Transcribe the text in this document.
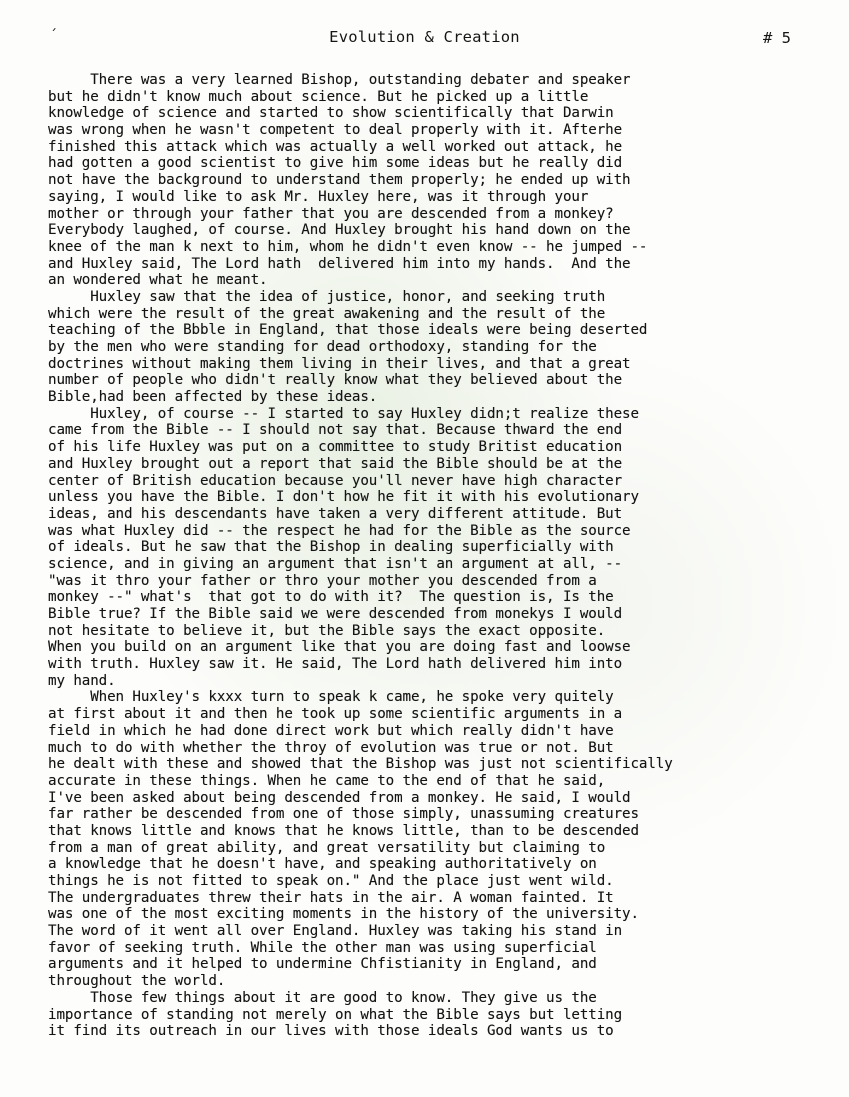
´	Evolution & Creation	# 5
There was a very learned Bishop, outstanding debater and speaker
but he didn't know much about science. But he picked up a little
knowledge of science and started to show scientifically that Darwin
was wrong when he wasn't competent to deal properly with it. Afterhe
finished this attack which was actually a well worked out attack, he
had gotten a good scientist to give him some ideas but he really did
not have the background to understand them properly; he ended up with
saying, I would like to ask Mr. Huxley here, was it through your
mother or through your father that you are descended from a monkey?
Everybody laughed, of course. And Huxley brought his hand down on the
knee of the man k next to him, whom he didn't even know -- he jumped --
and Huxley said, The Lord hath  delivered him into my hands.  And the
an wondered what he meant.
Huxley saw that the idea of justice, honor, and seeking truth
which were the result of the great awakening and the result of the
teaching of the Bbble in England, that those ideals were being deserted
by the men who were standing for dead orthodoxy, standing for the
doctrines without making them living in their lives, and that a great
number of people who didn't really know what they believed about the
Bible,had been affected by these ideas.
Huxley, of course -- I started to say Huxley didn;t realize these
came from the Bible -- I should not say that. Because thward the end
of his life Huxley was put on a committee to study Britist education
and Huxley brought out a report that said the Bible should be at the
center of British education because you'll never have high character
unless you have the Bible. I don't how he fit it with his evolutionary
ideas, and his descendants have taken a very different attitude. But
was what Huxley did -- the respect he had for the Bible as the source
of ideals. But he saw that the Bishop in dealing superficially with
science, and in giving an argument that isn't an argument at all, --
"was it thro your father or thro your mother you descended from a
monkey --" what's  that got to do with it?  The question is, Is the
Bible true? If the Bible said we were descended from monekys I would
not hesitate to believe it, but the Bible says the exact opposite.
When you build on an argument like that you are doing fast and loowse
with truth. Huxley saw it. He said, The Lord hath delivered him into
my hand.
When Huxley's kxxx turn to speak k came, he spoke very quitely
at first about it and then he took up some scientific arguments in a
field in which he had done direct work but which really didn't have
much to do with whether the throy of evolution was true or not. But
he dealt with these and showed that the Bishop was just not scientifically
accurate in these things. When he came to the end of that he said,
I've been asked about being descended from a monkey. He said, I would
far rather be descended from one of those simply, unassuming creatures
that knows little and knows that he knows little, than to be descended
from a man of great ability, and great versatility but claiming to
a knowledge that he doesn't have, and speaking authoritatively on
things he is not fitted to speak on." And the place just went wild.
The undergraduates threw their hats in the air. A woman fainted. It
was one of the most exciting moments in the history of the university.
The word of it went all over England. Huxley was taking his stand in
favor of seeking truth. While the other man was using superficial
arguments and it helped to undermine Chfistianity in England, and
throughout the world.
Those few things about it are good to know. They give us the
importance of standing not merely on what the Bible says but letting
it find its outreach in our lives with those ideals God wants us to
